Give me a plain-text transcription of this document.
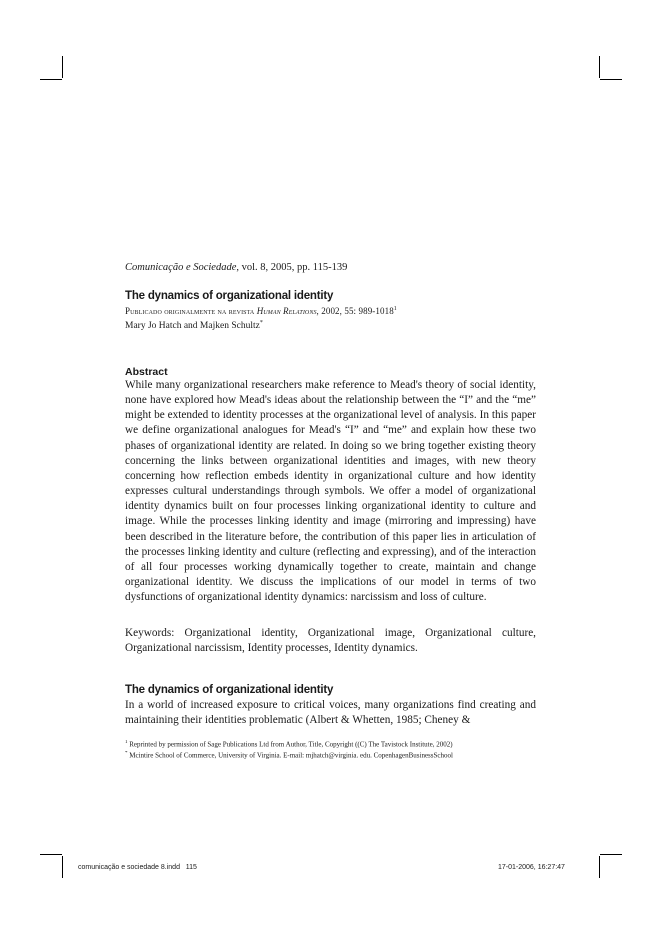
Comunicação e Sociedade, vol. 8, 2005, pp. 115-139
The dynamics of organizational identity
Publicado originalmente na revista Human Relations, 2002, 55: 989-1018$^1$
Mary Jo Hatch and Majken Schultz*
Abstract

While many organizational researchers make reference to Mead's theory of social identity, none have explored how Mead's ideas about the relationship between the “I” and the “me” might be extended to identity processes at the organizational level of analysis. In this paper we define organizational analogues for Mead's “I” and “me” and explain how these two phases of organizational identity are related. In doing so we bring together existing theory concerning the links between organizational identities and images, with new theory concerning how reflection embeds identity in organizational culture and how identity expresses cultural understandings through symbols. We offer a model of organizational identity dynamics built on four processes linking organizational identity to culture and image. While the processes linking identity and image (mirroring and impressing) have been described in the literature before, the contribution of this paper lies in articulation of the processes linking identity and culture (reflecting and expressing), and of the interaction of all four processes working dynamically together to create, maintain and change organizational identity. We discuss the implications of our model in terms of two dysfunctions of organizational identity dynamics: narcissism and loss of culture.

Keywords: Organizational identity, Organizational image, Organizational culture, Organizational narcissism, Identity processes, Identity dynamics.

The dynamics of organizational identity

In a world of increased exposure to critical voices, many organizations find creating and maintaining their identities problematic (Albert & Whetten, 1985; Cheney &

$^1$ Reprinted by permission of Sage Publications Ltd from Author, Title, Copyright ((C) The Tavistock Institute, 2002)
* Mcintire School of Commerce, University of Virginia. E-mail: mjhatch@virginia. edu. CopenhagenBusinessSchool
comunicação e sociedade 8.indd   115	17-01-2006, 16:27:47
